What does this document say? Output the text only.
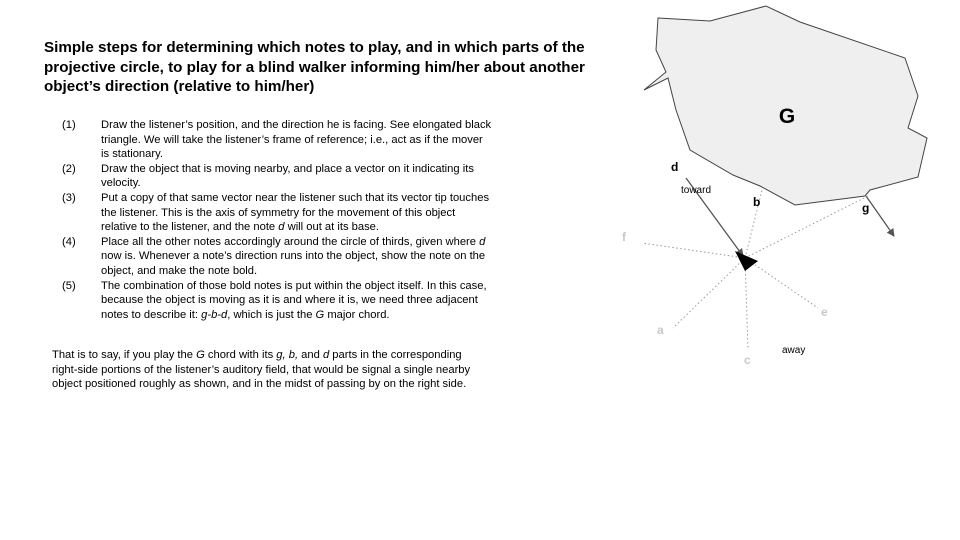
Simple steps for determining which notes to play, and in which parts of the projective circle, to play for a blind walker informing him/her about another object’s direction (relative to him/her)
(1)	Draw the listener’s position, and the direction he is facing. See elongated black triangle. We will take the listener’s frame of reference; i.e., act as if the mover is stationary.
(2)	Draw the object that is moving nearby, and place a vector on it indicating its velocity.
(3)	Put a copy of that same vector near the listener such that its vector tip touches the listener. This is the axis of symmetry for the movement of this object relative to the listener, and the note d will out at its base.
(4)	Place all the other notes accordingly around the circle of thirds, given where d now is. Whenever a note’s direction runs into the object, show the note on the object, and make the note bold.
(5)	The combination of those bold notes is put within the object itself. In this case, because the object is moving as it is and where it is, we need three adjacent notes to describe it: g-b-d, which is just the G major chord.

That is to say, if you play the G chord with its g, b, and d parts in the corresponding right-side portions of the listener’s auditory field, that would be signal a single nearby object positioned roughly as shown, and in the midst of passing by on the right side.

G
d
b	g
f
a
c
e
toward
away
